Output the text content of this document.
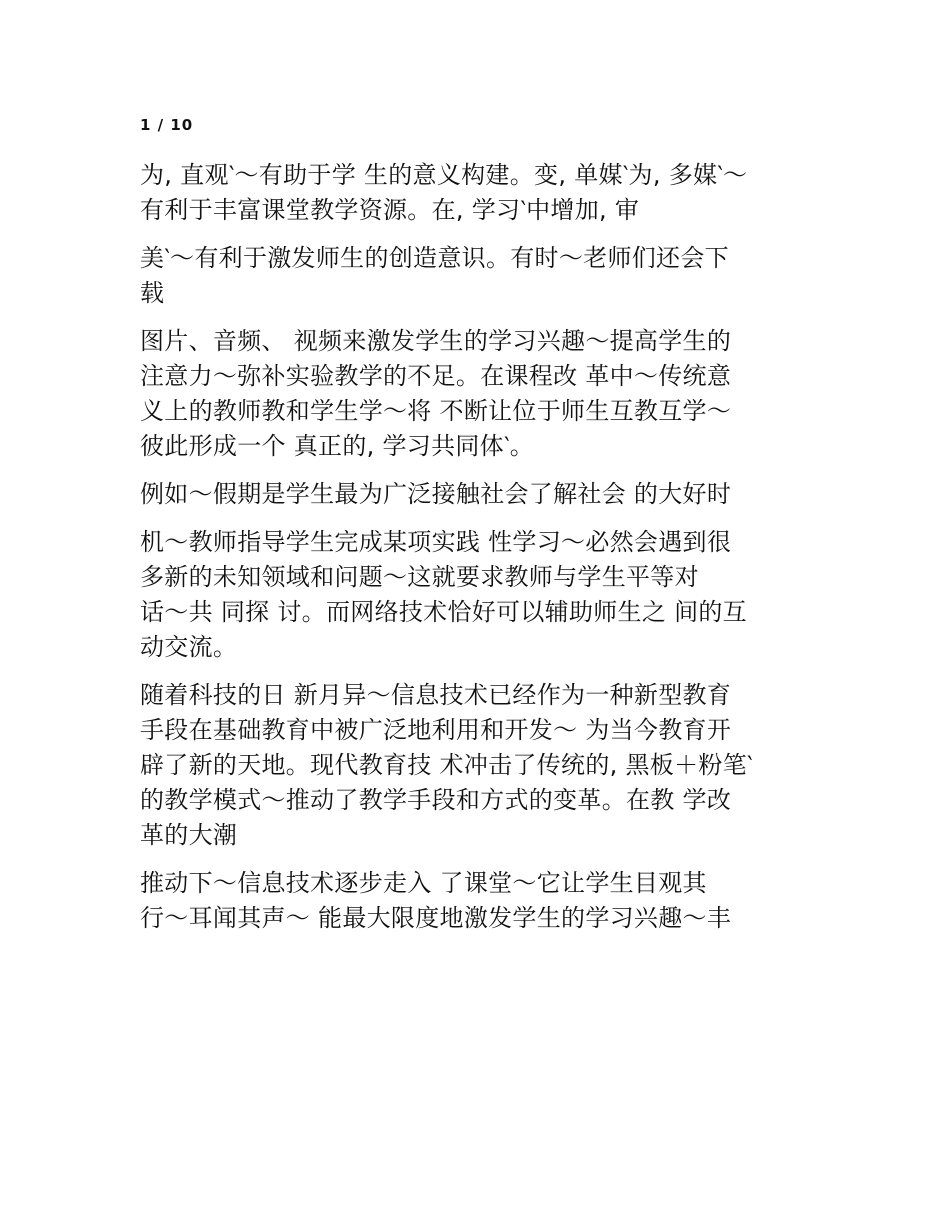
1 / 10
为, 直观‵～有助于学 生的意义构建。变, 单媒‵为, 多媒‵～
有利于丰富课堂教学资源。在, 学习‵中增加, 审
美‵～有利于激发师生的创造意识。有时～老师们还会下
载
图片、音频、 视频来激发学生的学习兴趣～提高学生的
注意力～弥补实验教学的不足。在课程改 革中～传统意
义上的教师教和学生学～将 不断让位于师生互教互学～
彼此形成一个 真正的, 学习共同体‵。
例如～假期是学生最为广泛接触社会了解社会 的大好时
机～教师指导学生完成某项实践 性学习～必然会遇到很
多新的未知领域和问题～这就要求教师与学生平等对
话～共 同探 讨。而网络技术恰好可以辅助师生之 间的互
动交流。
随着科技的日 新月异～信息技术已经作为一种新型教育
手段在基础教育中被广泛地利用和开发～ 为当今教育开
辟了新的天地。现代教育技 术冲击了传统的, 黑板＋粉笔‵
的教学模式～推动了教学手段和方式的变革。在教 学改
革的大潮
推动下～信息技术逐步走入 了课堂～它让学生目观其
行～耳闻其声～ 能最大限度地激发学生的学习兴趣～丰
